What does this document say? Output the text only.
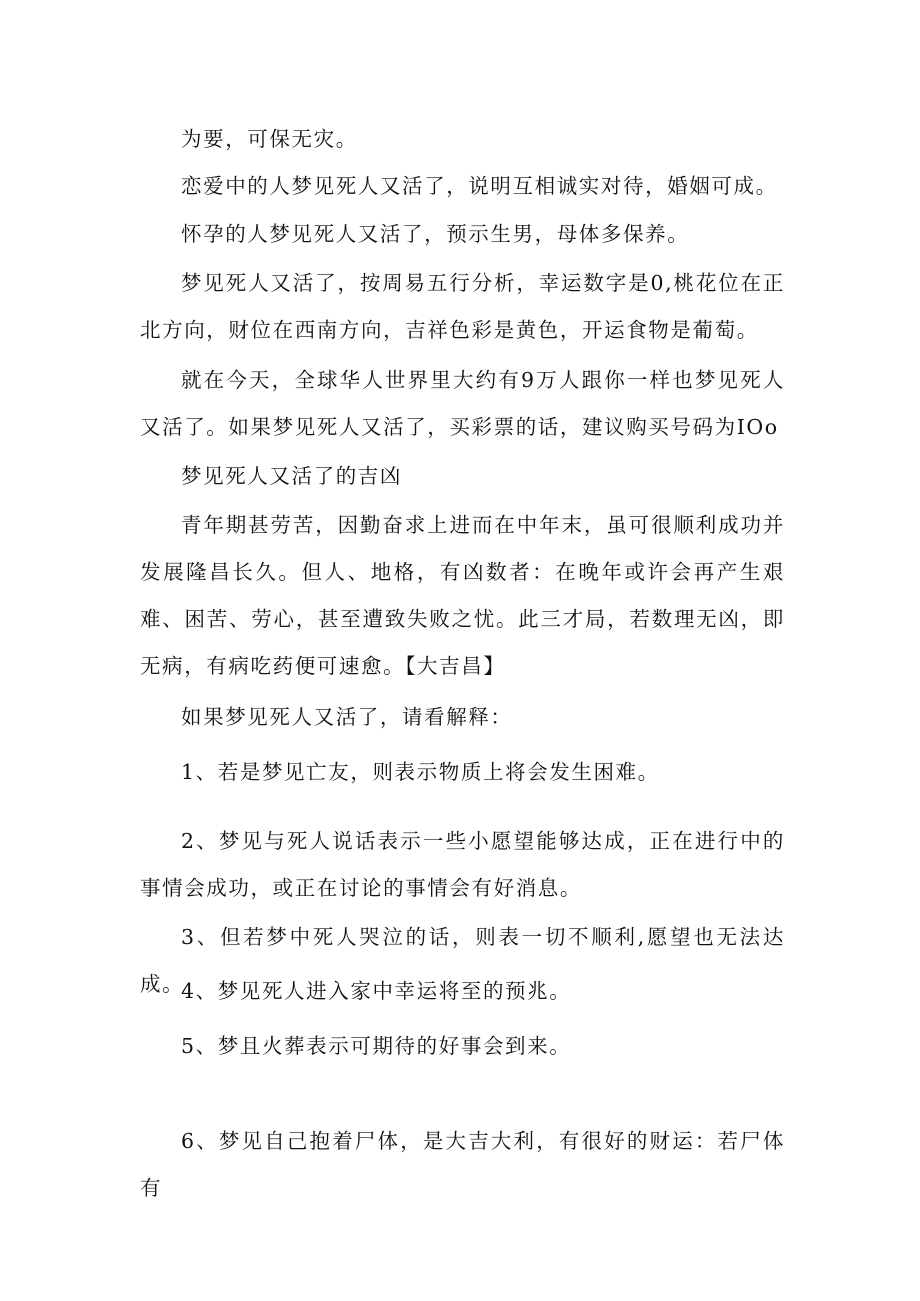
为要，可保无灾。

恋爱中的人梦见死人又活了，说明互相诚实对待，婚姻可成。

怀孕的人梦见死人又活了，预示生男，母体多保养。

梦见死人又活了，按周易五行分析，幸运数字是0,桃花位在正北方向，财位在西南方向，吉祥色彩是黄色，开运食物是葡萄。

就在今天，全球华人世界里大约有9万人跟你一样也梦见死人又活了。如果梦见死人又活了，买彩票的话，建议购买号码为IOo

梦见死人又活了的吉凶

青年期甚劳苦，因勤奋求上进而在中年末，虽可很顺利成功并发展隆昌长久。但人、地格，有凶数者：在晚年或许会再产生艰难、困苦、劳心，甚至遭致失败之忧。此三才局，若数理无凶，即无病，有病吃药便可速愈。【大吉昌】

如果梦见死人又活了，请看解释：

1、若是梦见亡友，则表示物质上将会发生困难。

2、梦见与死人说话表示一些小愿望能够达成，正在进行中的事情会成功，或正在讨论的事情会有好消息。

3、但若梦中死人哭泣的话，则表一切不顺利,愿望也无法达成。

4、梦见死人进入家中幸运将至的预兆。

5、梦且火葬表示可期待的好事会到来。

6、梦见自己抱着尸体，是大吉大利，有很好的财运：若尸体有
